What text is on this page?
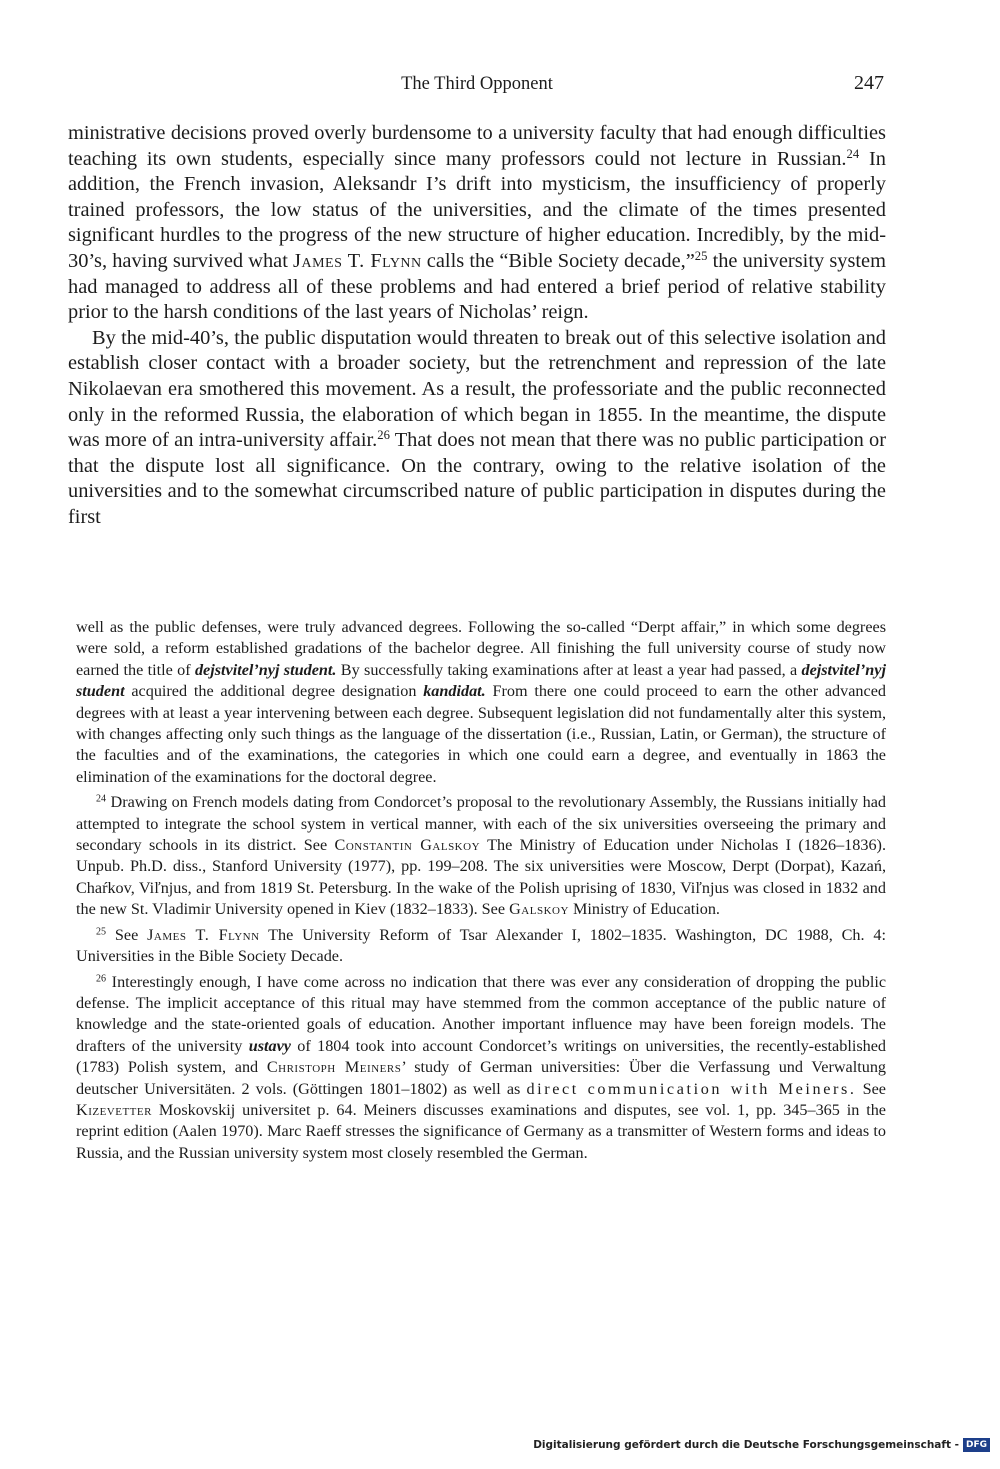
The Third Opponent	247

ministrative decisions proved overly burdensome to a university faculty that had enough difficulties teaching its own students, especially since many professors could not lecture in Russian.$^{24}$ In addition, the French invasion, Aleksandr I’s drift into mysticism, the insufficiency of properly trained professors, the low status of the universities, and the climate of the times presented significant hurdles to the progress of the new structure of higher education. Incredibly, by the mid-30’s, having survived what James T. Flynn calls the “Bible Society decade,”$^{25}$ the university system had managed to address all of these problems and had entered a brief period of relative stability prior to the harsh conditions of the last years of Nicholas’ reign.

By the mid-40’s, the public disputation would threaten to break out of this selective isolation and establish closer contact with a broader society, but the retrenchment and repression of the late Nikolaevan era smothered this movement. As a result, the professoriate and the public reconnected only in the reformed Russia, the elaboration of which began in 1855. In the meantime, the dispute was more of an intra-university affair.$^{26}$ That does not mean that there was no public participation or that the dispute lost all significance. On the contrary, owing to the relative isolation of the universities and to the somewhat circumscribed nature of public participation in disputes during the first

well as the public defenses, were truly advanced degrees. Following the so-called “Derpt affair,” in which some degrees were sold, a reform established gradations of the bachelor degree. All finishing the full university course of study now earned the title of dejstvitel’nyj student. By successfully taking examinations after at least a year had passed, a dejstvitel’nyj student acquired the additional degree designation kandidat. From there one could proceed to earn the other advanced degrees with at least a year intervening between each degree. Subsequent legislation did not fundamentally alter this system, with changes affecting only such things as the language of the dissertation (i.e., Russian, Latin, or German), the structure of the faculties and of the examinations, the categories in which one could earn a degree, and eventually in 1863 the elimination of the examinations for the doctoral degree.

$^{24}$ Drawing on French models dating from Condorcet’s proposal to the revolutionary Assembly, the Russians initially had attempted to integrate the school system in vertical manner, with each of the six universities overseeing the primary and secondary schools in its district. See Constantin Galskoy The Ministry of Education under Nicholas I (1826–1836). Unpub. Ph.D. diss., Stanford University (1977), pp. 199–208. The six universities were Moscow, Derpt (Dorpat), Kazań, Chaŕkov, Viľnjus, and from 1819 St. Petersburg. In the wake of the Polish uprising of 1830, Viľnjus was closed in 1832 and the new St. Vladimir University opened in Kiev (1832–1833). See Galskoy Ministry of Education.

$^{25}$ See James T. Flynn The University Reform of Tsar Alexander I, 1802–1835. Washington, DC 1988, Ch. 4: Universities in the Bible Society Decade.

$^{26}$ Interestingly enough, I have come across no indication that there was ever any consideration of dropping the public defense. The implicit acceptance of this ritual may have stemmed from the common acceptance of the public nature of knowledge and the state-oriented goals of education. Another important influence may have been foreign models. The drafters of the university ustavy of 1804 took into account Condorcet’s writings on universities, the recently-established (1783) Polish system, and Christoph Meiners’ study of German universities: Über die Verfassung und Verwaltung deutscher Universitäten. 2 vols. (Göttingen 1801–1802) as well as direct communication with Meiners. See Kizevetter Moskovskij universitet p. 64. Meiners discusses examinations and disputes, see vol. 1, pp. 345–365 in the reprint edition (Aalen 1970). Marc Raeff stresses the significance of Germany as a transmitter of Western forms and ideas to Russia, and the Russian university system most closely resembled the German.

Digitalisierung gefördert durch die Deutsche Forschungsgemeinschaft - DFG
